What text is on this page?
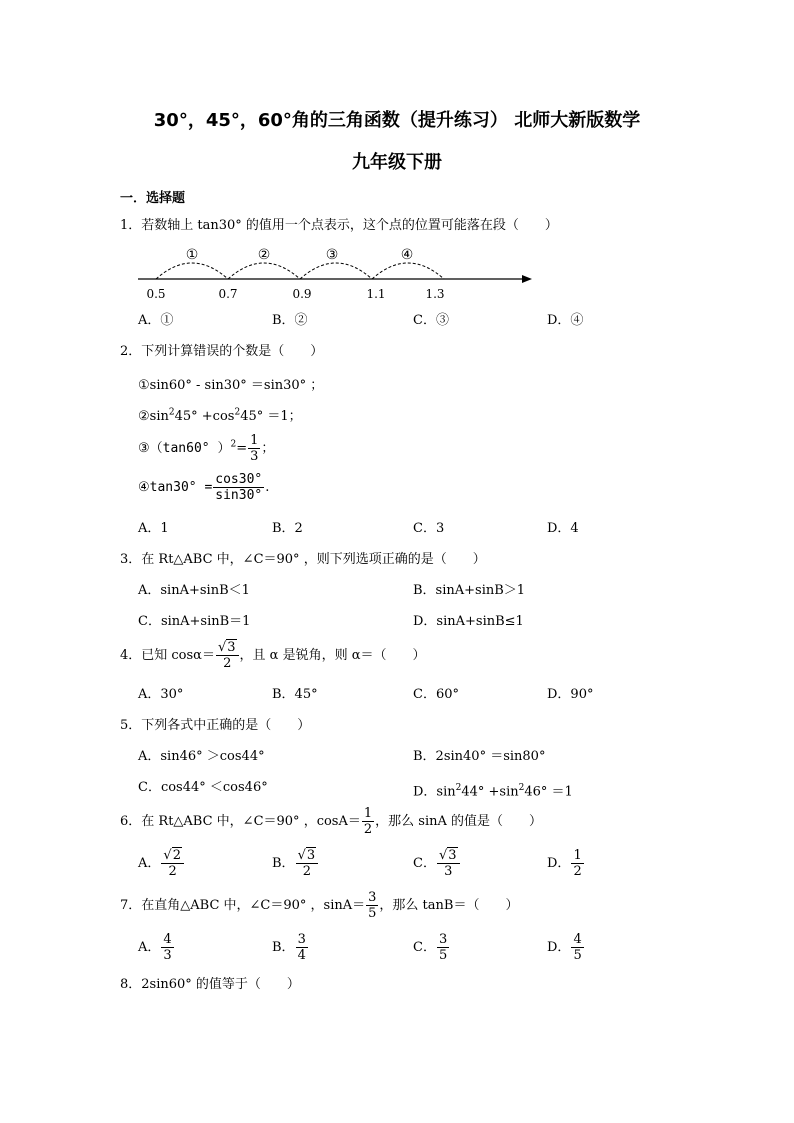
30°，45°，60°角的三角函数（提升练习） 北师大新版数学
九年级下册
一．选择题
1．若数轴上 tan30° 的值用一个点表示，这个点的位置可能落在段（　　）
①	②	③	④
0.5	0.7	0.9	1.1	1.3
A．①	B．②	C．③	D．④
2．下列计算错误的个数是（　　）
①sin60° - sin30° ＝sin30° ；
$②\sin^245^\circ +\cos^245^\circ =1$；
③（tan60° ）$^2= \frac{1}{3}$ ；
④tan30° = $\frac{\cos 30^\circ}{\sin 30^\circ}$ .
A．1	B．2	C．3	D．4
3．在 Rt△ABC 中，∠C＝90° ，则下列选项正确的是（　　）
A．sinA+sinB＜1	B．sinA+sinB＞1
C．sinA+sinB＝1	D．sinA+sinB≤1
4．已知 $\cos\alpha= \frac{√3}{2}$ ，且 α 是锐角，则 α＝（　　）
A．30°	B．45°	C．60°	D．90°
5．下列各式中正确的是（　　）
A．sin46° ＞cos44°	B．2sin40° ＝sin80°
C．cos44° ＜cos46°	D．$\sin^244^\circ +\sin^246^\circ =1$
6．在 Rt△ABC 中，∠C＝90° ，$\cos A= \frac{1}{2}$ ，那么 sinA 的值是（　　）
A． $\frac{√2}{2}$	B． $\frac{√3}{2}$	C． $\frac{√3}{3}$	D． $\frac{1}{2}$
7．在直角△ABC 中，∠C＝90° ，$\sin A= \frac{3}{5}$ ，那么 tanB＝（　　）
A． $\frac{4}{3}$	B． $\frac{3}{4}$	C． $\frac{3}{5}$	D． $\frac{4}{5}$
8．2sin60° 的值等于（　　）
